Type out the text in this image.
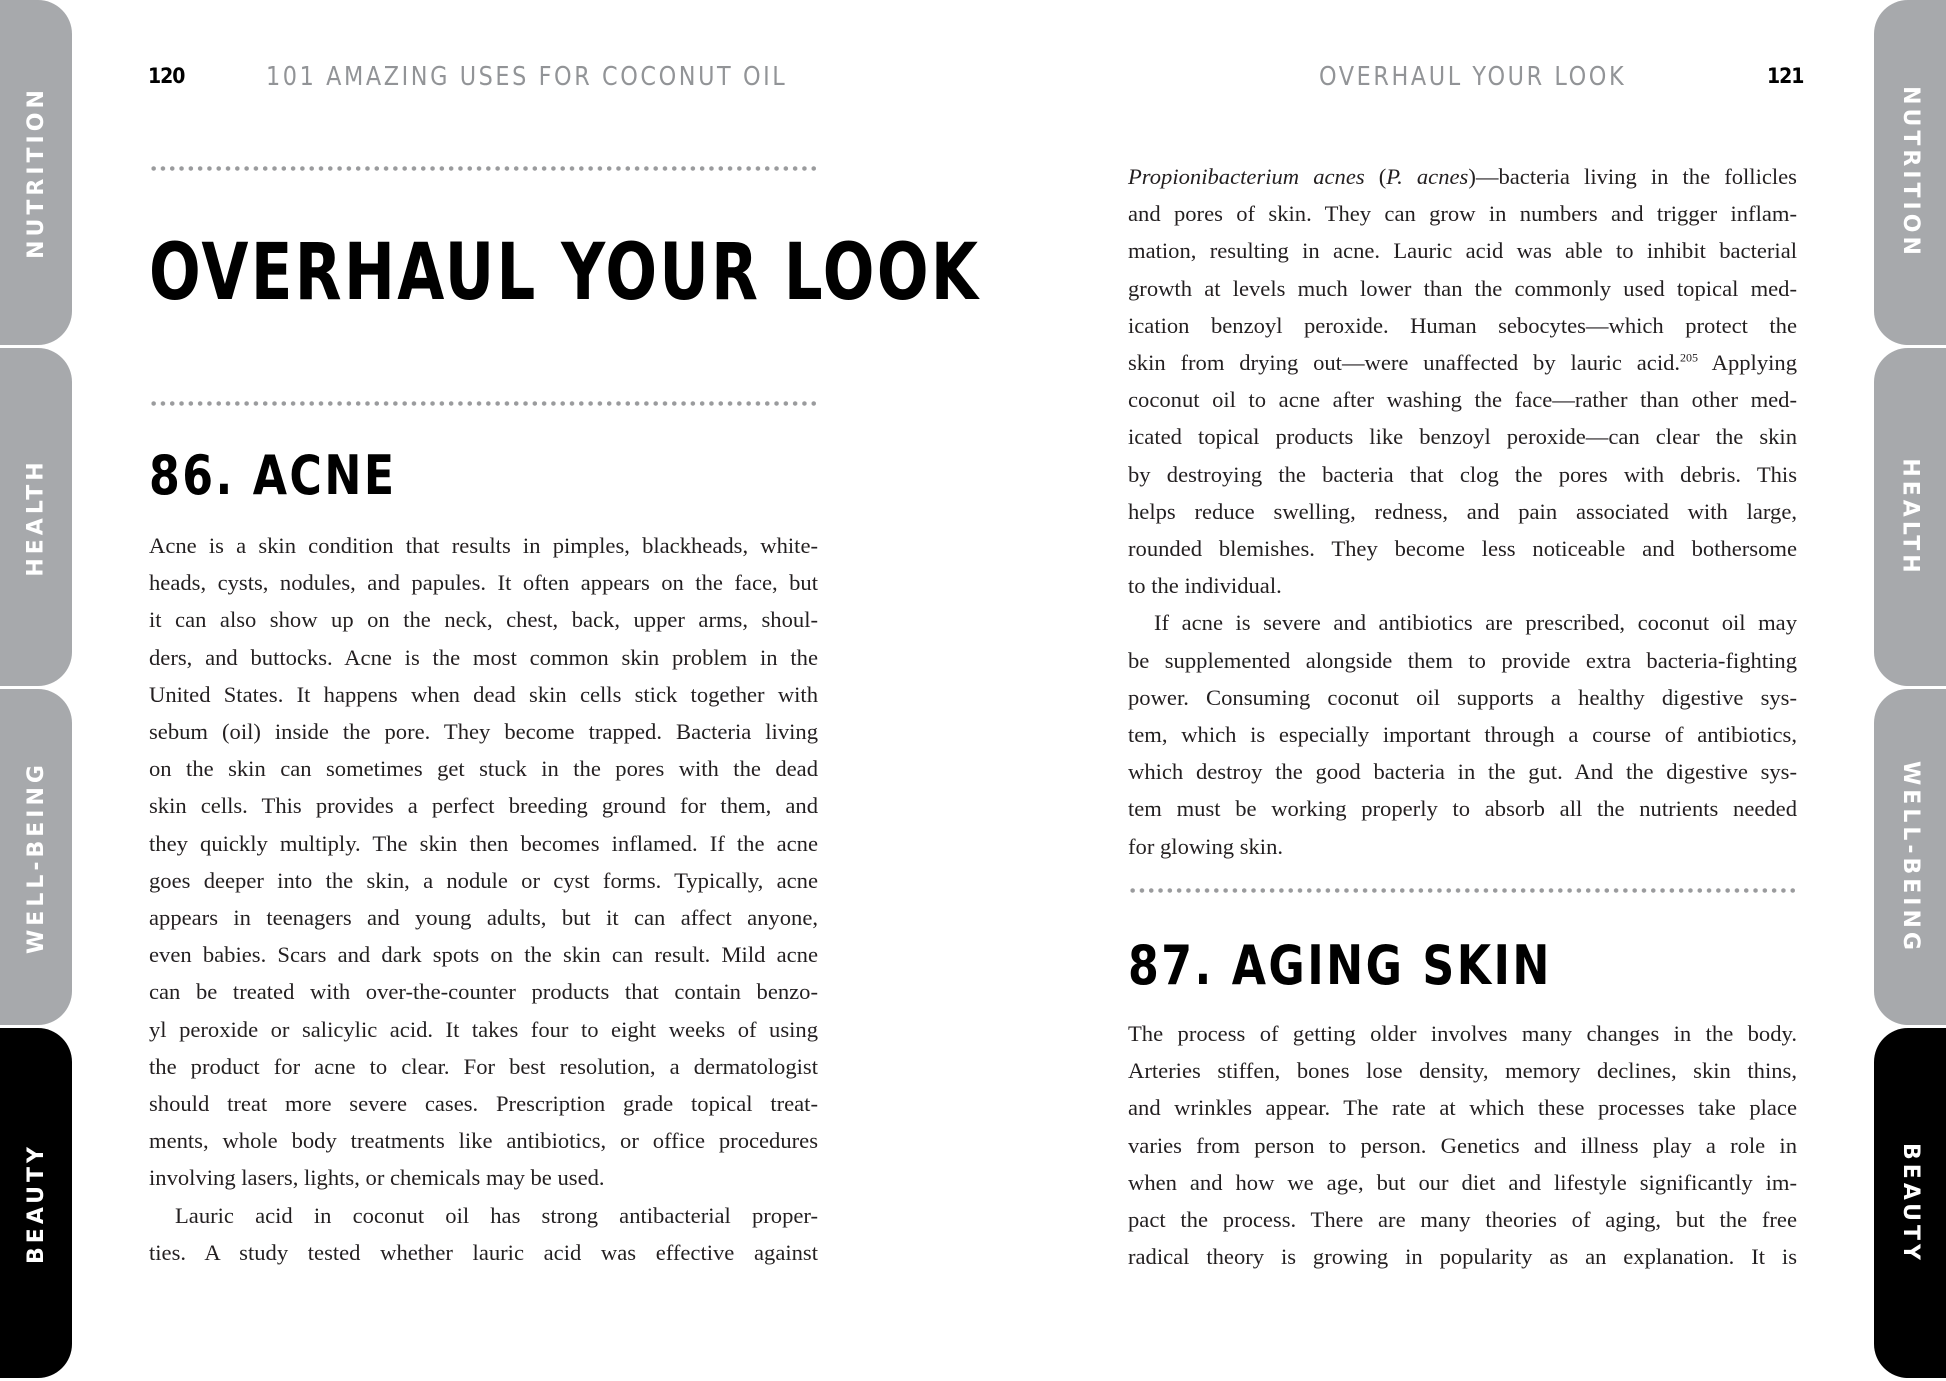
NUTRITION
HEALTH
WELL-BEING
BEAUTY
NUTRITION
HEALTH
WELL-BEING
BEAUTY
120	101 AMAZING USES FOR COCONUT OIL
OVERHAUL YOUR LOOK
86. ACNE

Acne is a skin condition that results in pimples, blackheads, white-
heads, cysts, nodules, and papules. It often appears on the face, but
it can also show up on the neck, chest, back, upper arms, shoul-
ders, and buttocks. Acne is the most common skin problem in the
United States. It happens when dead skin cells stick together with
sebum (oil) inside the pore. They become trapped. Bacteria living
on the skin can sometimes get stuck in the pores with the dead
skin cells. This provides a perfect breeding ground for them, and
they quickly multiply. The skin then becomes inflamed. If the acne
goes deeper into the skin, a nodule or cyst forms. Typically, acne
appears in teenagers and young adults, but it can affect anyone,
even babies. Scars and dark spots on the skin can result. Mild acne
can be treated with over-the-counter products that contain benzo-
yl peroxide or salicylic acid. It takes four to eight weeks of using
the product for acne to clear. For best resolution, a dermatologist
should treat more severe cases. Prescription grade topical treat-
ments, whole body treatments like antibiotics, or office procedures
involving lasers, lights, or chemicals may be used.

Lauric acid in coconut oil has strong antibacterial proper-
ties. A study tested whether lauric acid was effective against

OVERHAUL YOUR LOOK	121

Propionibacterium acnes (P. acnes)—bacteria living in the follicles
and pores of skin. They can grow in numbers and trigger inflam-
mation, resulting in acne. Lauric acid was able to inhibit bacterial
growth at levels much lower than the commonly used topical med-
ication benzoyl peroxide. Human sebocytes—which protect the
skin from drying out—were unaffected by lauric acid.$^{205}$ Applying
coconut oil to acne after washing the face—rather than other med-
icated topical products like benzoyl peroxide—can clear the skin
by destroying the bacteria that clog the pores with debris. This
helps reduce swelling, redness, and pain associated with large,
rounded blemishes. They become less noticeable and bothersome
to the individual.

If acne is severe and antibiotics are prescribed, coconut oil may
be supplemented alongside them to provide extra bacteria-fighting
power. Consuming coconut oil supports a healthy digestive sys-
tem, which is especially important through a course of antibiotics,
which destroy the good bacteria in the gut. And the digestive sys-
tem must be working properly to absorb all the nutrients needed
for glowing skin.

87. AGING SKIN

The process of getting older involves many changes in the body.
Arteries stiffen, bones lose density, memory declines, skin thins,
and wrinkles appear. The rate at which these processes take place
varies from person to person. Genetics and illness play a role in
when and how we age, but our diet and lifestyle significantly im-
pact the process. There are many theories of aging, but the free
radical theory is growing in popularity as an explanation. It is
